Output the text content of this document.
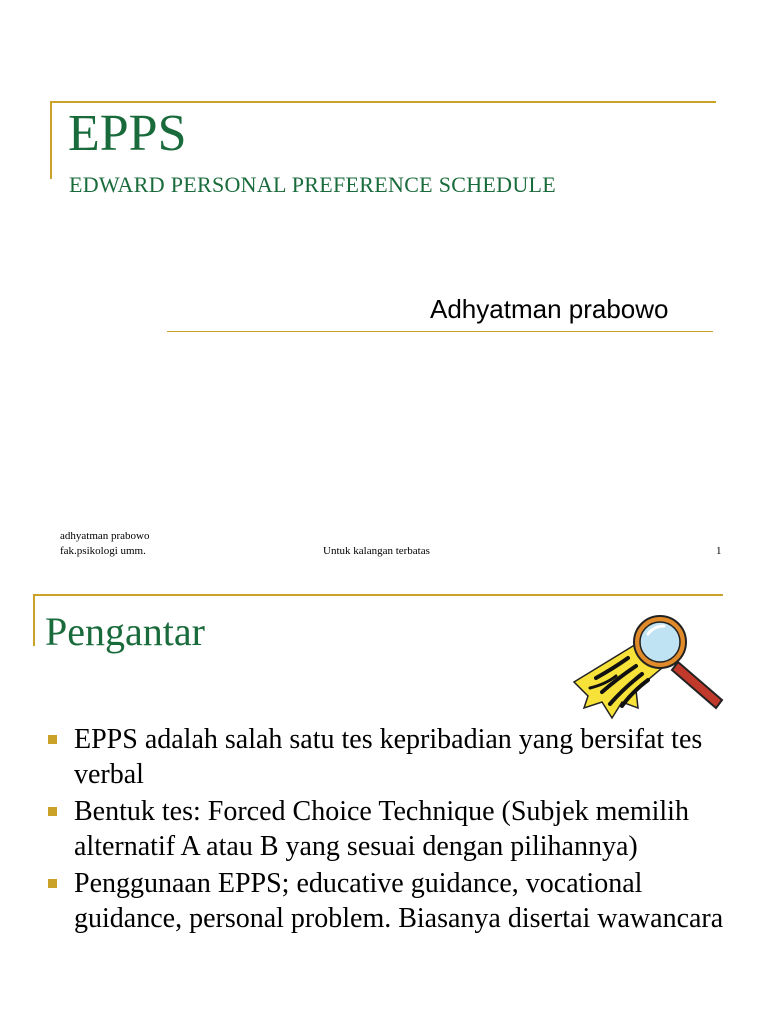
EPPS
EDWARD PERSONAL PREFERENCE SCHEDULE
Adhyatman prabowo
adhyatman prabowo
fak.psikologi umm.	Untuk kalangan terbatas	1
Pengantar
EPPS adalah salah satu tes kepribadian yang bersifat tes verbal
Bentuk tes: Forced Choice Technique (Subjek memilih alternatif A atau B yang sesuai dengan pilihannya)
Penggunaan EPPS; educative guidance, vocational guidance, personal problem. Biasanya disertai wawancara
